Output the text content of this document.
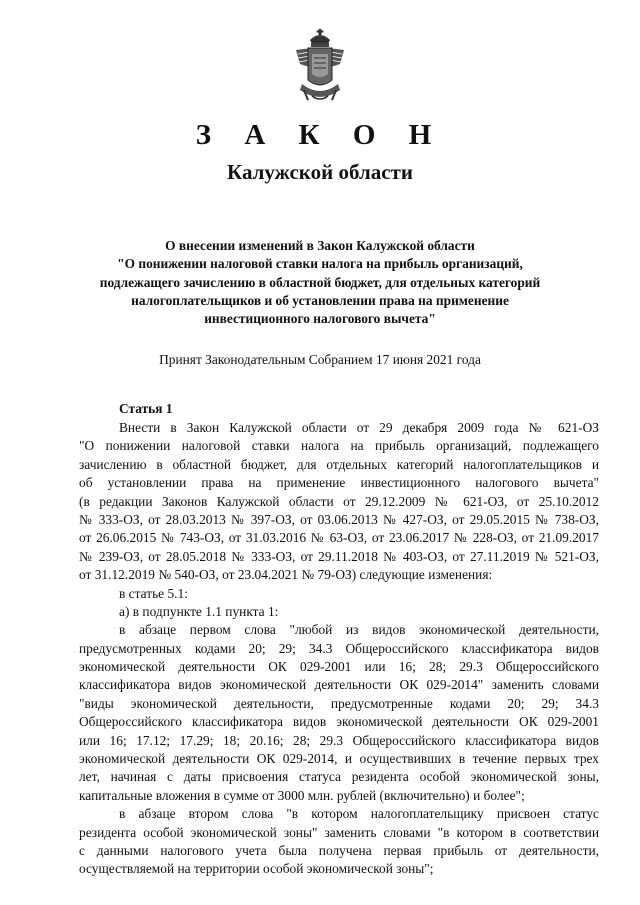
З А К О Н
Калужской области
О внесении изменений в Закон Калужской области
"О понижении налоговой ставки налога на прибыль организаций,
подлежащего зачислению в областной бюджет, для отдельных категорий
налогоплательщиков и об установлении права на применение
инвестиционного налогового вычета"
Принят Законодательным Собранием 17 июня 2021 года
Статья 1
Внести в Закон Калужской области от 29 декабря 2009 года № 621-ОЗ
"О понижении налоговой ставки налога на прибыль организаций, подлежащего
зачислению в областной бюджет, для отдельных категорий налогоплательщиков и
об установлении права на применение инвестиционного налогового вычета"
(в редакции Законов Калужской области от 29.12.2009 № 621-ОЗ, от 25.10.2012
№ 333-ОЗ, от 28.03.2013 № 397-ОЗ, от 03.06.2013 № 427-ОЗ, от 29.05.2015 № 738-ОЗ,
от 26.06.2015 № 743-ОЗ, от 31.03.2016 № 63-ОЗ, от 23.06.2017 № 228-ОЗ, от 21.09.2017
№ 239-ОЗ, от 28.05.2018 № 333-ОЗ, от 29.11.2018 № 403-ОЗ, от 27.11.2019 № 521-ОЗ,
от 31.12.2019 № 540-ОЗ, от 23.04.2021 № 79-ОЗ) следующие изменения:
в статье 5.1:
а) в подпункте 1.1 пункта 1:
в абзаце первом слова "любой из видов экономической деятельности,
предусмотренных кодами 20; 29; 34.3 Общероссийского классификатора видов
экономической деятельности ОК 029-2001 или 16; 28; 29.3 Общероссийского
классификатора видов экономической деятельности ОК 029-2014" заменить словами
"виды экономической деятельности, предусмотренные кодами 20; 29; 34.3
Общероссийского классификатора видов экономической деятельности ОК 029-2001
или 16; 17.12; 17.29; 18; 20.16; 28; 29.3 Общероссийского классификатора видов
экономической деятельности ОК 029-2014, и осуществивших в течение первых трех
лет, начиная с даты присвоения статуса резидента особой экономической зоны,
капитальные вложения в сумме от 3000 млн. рублей (включительно) и более";
в абзаце втором слова "в котором налогоплательщику присвоен статус
резидента особой экономической зоны" заменить словами "в котором в соответствии
с данными налогового учета была получена первая прибыль от деятельности,
осуществляемой на территории особой экономической зоны";
